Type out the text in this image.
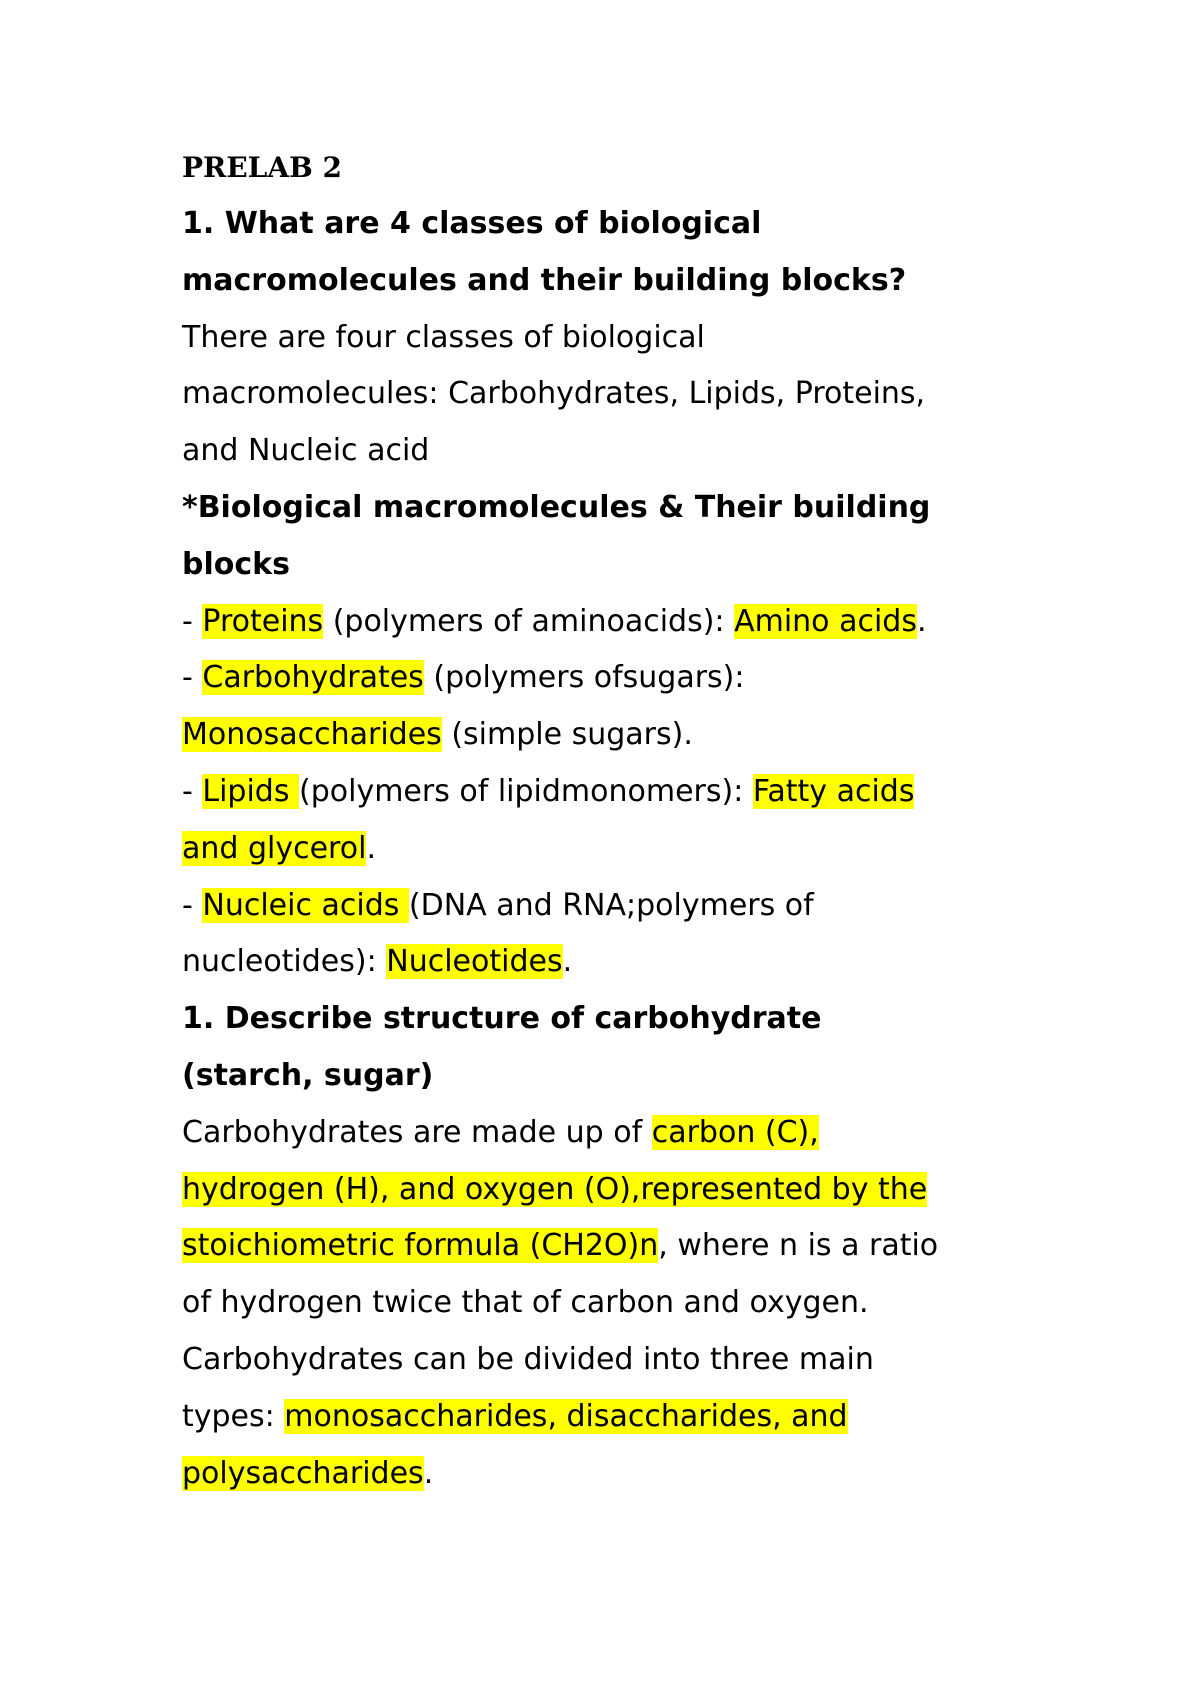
PRELAB 2
1. What are 4 classes of biological
macromolecules and their building blocks?
There are four classes of biological
macromolecules: Carbohydrates, Lipids, Proteins,
and Nucleic acid
*Biological macromolecules & Their building
blocks
- Proteins (polymers of aminoacids): Amino acids.
- Carbohydrates (polymers ofsugars):
Monosaccharides (simple sugars).
- Lipids (polymers of lipidmonomers): Fatty acids
and glycerol.
- Nucleic acids (DNA and RNA;polymers of
nucleotides): Nucleotides.
1. Describe structure of carbohydrate
(starch, sugar)
Carbohydrates are made up of carbon (C),
hydrogen (H), and oxygen (O),represented by the
stoichiometric formula (CH2O)n, where n is a ratio
of hydrogen twice that of carbon and oxygen.
Carbohydrates can be divided into three main
types: monosaccharides, disaccharides, and
polysaccharides.
